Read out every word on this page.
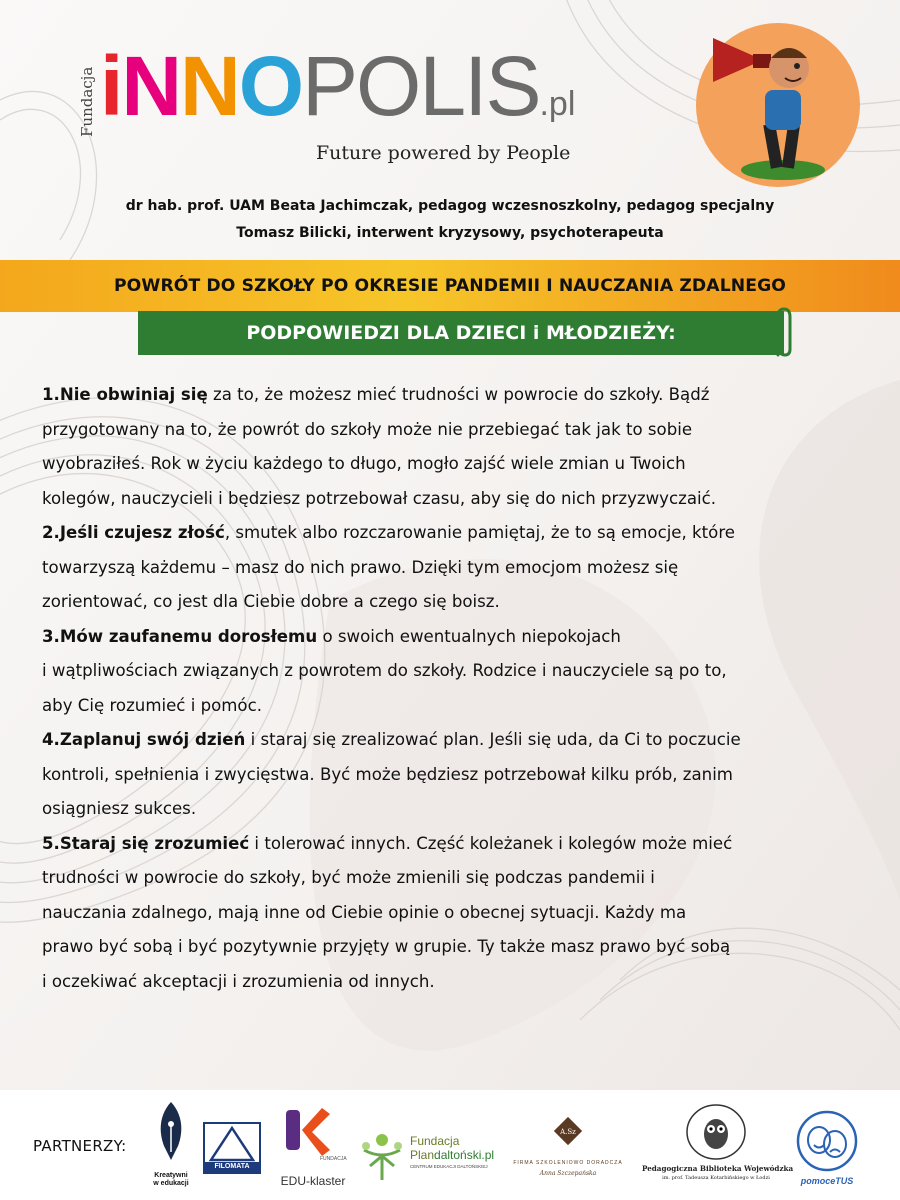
Fundacja iNNOPOLIS.pl
Future powered by People
dr hab. prof. UAM Beata Jachimczak, pedagog wczesnoszkolny, pedagog specjalny
Tomasz Bilicki, interwent kryzysowy, psychoterapeuta
POWRÓT DO SZKOŁY PO OKRESIE PANDEMII I NAUCZANIA ZDALNEGO
PODPOWIEDZI DLA DZIECI i MŁODZIEŻY:

1.Nie obwiniaj się za to, że możesz mieć trudności w powrocie do szkoły. Bądź

przygotowany na to, że powrót do szkoły może nie przebiegać tak jak to sobie

wyobraziłeś. Rok w życiu każdego to długo, mogło zajść wiele zmian u Twoich

kolegów, nauczycieli i będziesz potrzebował czasu, aby się do nich przyzwyczaić.

2.Jeśli czujesz złość, smutek albo rozczarowanie pamiętaj, że to są emocje, które

towarzyszą każdemu – masz do nich prawo. Dzięki tym emocjom możesz się

zorientować, co jest dla Ciebie dobre a czego się boisz.

3.Mów zaufanemu dorosłemu o swoich ewentualnych niepokojach

i wątpliwościach związanych z powrotem do szkoły. Rodzice i nauczyciele są po to,

aby Cię rozumieć i pomóc.

4.Zaplanuj swój dzień i staraj się zrealizować plan. Jeśli się uda, da Ci to poczucie

kontroli, spełnienia i zwycięstwa. Być może będziesz potrzebował kilku prób, zanim

osiągniesz sukces.

5.Staraj się zrozumieć i tolerować innych. Część koleżanek i kolegów może mieć

trudności w powrocie do szkoły, być może zmienili się podczas pandemii i

nauczania zdalnego, mają inne od Ciebie opinie o obecnej sytuacji. Każdy ma

prawo być sobą i być pozytywnie przyjęty w grupie. Ty także masz prawo być sobą

i oczekiwać akceptacji i zrozumienia od innych.

PARTNERZY:
Kreatywni
w edukacji
FILOMATA
FUNDACJA
EDU-klaster
Fundacja
Plandaltoński.pl
CENTRUM EDUKACJI DALTOŃSKIEJ
A.Sz
FIRMA SZKOLENIOWO DORADCZA
Anna Szczepańska
Pedagogiczna Biblioteka Wojewódzka
im. prof. Tadeusza Kotarbińskiego w Łodzi	pomoceTUS
